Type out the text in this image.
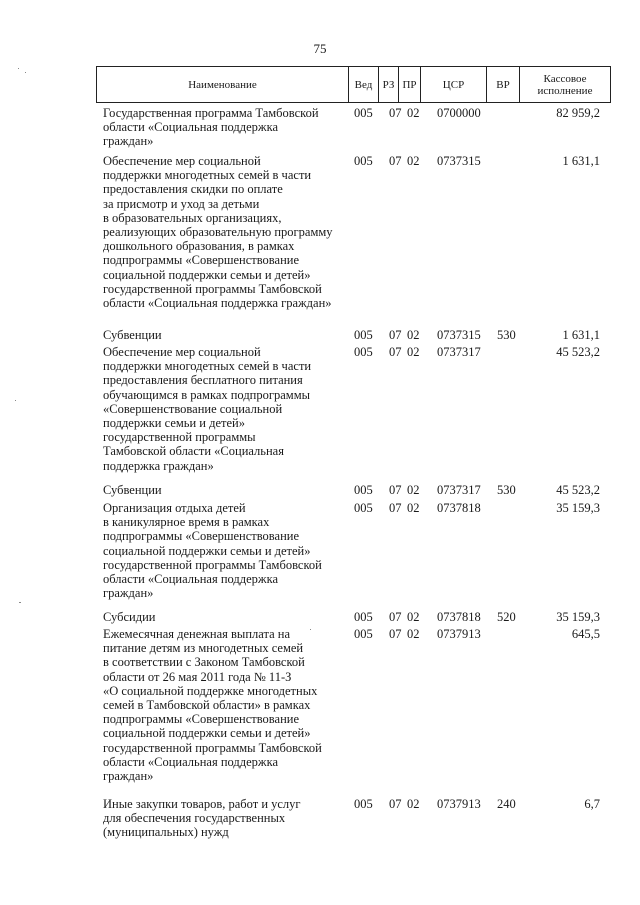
75
Наименование	Вед РЗ ПР	ЦСР	ВР	Кассовое исполнение
Государственная программа Тамбовской
области «Социальная поддержка
граждан»
005 07 02 0700000	82 959,2
Обеспечение мер социальной
поддержки многодетных семей в части
предоставления скидки по оплате
за присмотр и уход за детьми
в образовательных организациях,
реализующих образовательную программу
дошкольного образования, в рамках
подпрограммы «Совершенствование
социальной поддержки семьи и детей»
государственной программы Тамбовской
области «Социальная поддержка граждан»
005 07 02 0737315	1 631,1
Субвенции	005 07 02 0737315 530	1 631,1
Обеспечение мер социальной
поддержки многодетных семей в части
предоставления бесплатного питания
обучающимся в рамках подпрограммы
«Совершенствование социальной
поддержки семьи и детей»
государственной программы
Тамбовской области «Социальная
поддержка граждан»
005 07 02 0737317	45 523,2
Субвенции	005 07 02 0737317 530	45 523,2
Организация отдыха детей
в каникулярное время в рамках
подпрограммы «Совершенствование
социальной поддержки семьи и детей»
государственной программы Тамбовской
области «Социальная поддержка
граждан»
005 07 02 0737818	35 159,3
Субсидии	005 07 02 0737818 520	35 159,3
Ежемесячная денежная выплата на
питание детям из многодетных семей
в соответствии с Законом Тамбовской
области от 26 мая 2011 года № 11-З
«О социальной поддержке многодетных
семей в Тамбовской области» в рамках
подпрограммы «Совершенствование
социальной поддержки семьи и детей»
государственной программы Тамбовской
области «Социальная поддержка
граждан»
005 07 02 0737913	645,5
Иные закупки товаров, работ и услуг
для обеспечения государственных
(муниципальных) нужд
005 07 02 0737913 240	6,7
